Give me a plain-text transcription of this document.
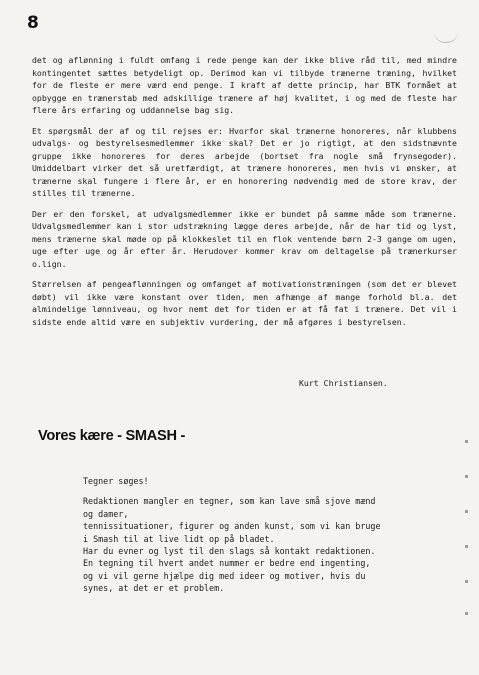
8

det og aflønning i fuldt omfang i rede penge kan der ikke blive råd til, med mindre kontingentet sættes betydeligt op. Derimod kan vi tilbyde trænerne træning, hvilket for de fleste er mere værd end penge. I kraft af dette princip, har BTK formået at opbygge en trænerstab med adskillige trænere af høj kvalitet, i og med de fleste har flere års erfaring og uddannelse bag sig.

Et spørgsmål der af og til rejses er: Hvorfor skal trænerne honoreres, når klubbens udvalgs- og bestyrelsesmedlemmer ikke skal? Det er jo rigtigt, at den sidstnævnte gruppe ikke honoreres for deres arbejde (bortset fra nogle små frynsegoder). Umiddelbart virker det så uretfærdigt, at trænere honoreres, men hvis vi ønsker, at trænerne skal fungere i flere år, er en honorering nødvendig med de store krav, der stilles til trænerne.

Der er den forskel, at udvalgsmedlemmer ikke er bundet på samme måde som trænerne. Udvalgsmedlemmer kan i stor udstrækning lægge deres arbejde, når de har tid og lyst, mens trænerne skal møde op på klokkeslet til en flok ventende børn 2-3 gange om ugen, uge efter uge og år efter år. Herudover kommer krav om deltagelse på trænerkurser o.lign.

Størrelsen af pengeaflønningen og omfanget af motivationstræningen (som det er blevet døbt) vil ikke være konstant over tiden, men afhænge af mange forhold bl.a. det almindelige lønniveau, og hvor nemt det for tiden er at få fat i trænere. Det vil i sidste ende altid være en subjektiv vurdering, der må afgøres i bestyrelsen.

Kurt Christiansen.
Vores kære - SMASH -

Tegner søges!

Redaktionen mangler en tegner, som kan lave små sjove mænd

og damer,

tennissituationer, figurer og anden kunst, som vi kan bruge

i Smash til at live lidt op på bladet.

Har du evner og lyst til den slags så kontakt redaktionen.

En tegning til hvert andet nummer er bedre end ingenting,

og vi vil gerne hjælpe dig med ideer og motiver, hvis du

synes, at det er et problem.
